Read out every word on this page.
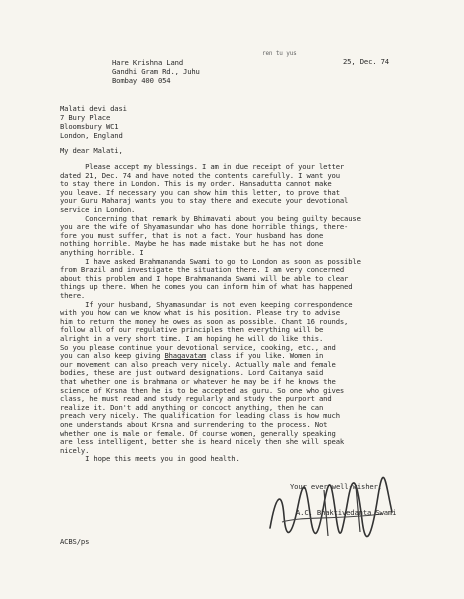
ren tu yus
Hare Krishna Land
Gandhi Gram Rd., Juhu
Bombay 400 054
25, Dec. 74
Malati devi dasi
7 Bury Place
Bloomsbury WC1
London, England
My dear Malati,
Please accept my blessings. I am in due receipt of your letter
dated 21, Dec. 74 and have noted the contents carefully. I want you
to stay there in London. This is my order. Hansadutta cannot make
you leave. If necessary you can show him this letter, to prove that
your Guru Maharaj wants you to stay there and execute your devotional
service in London.
Concerning that remark by Bhimavati about you being guilty because
you are the wife of Shyamasundar who has done horrible things, there-
fore you must suffer, that is not a fact. Your husband has done
nothing horrible. Maybe he has made mistake but he has not done
anything horrible. I
I have asked Brahmananda Swami to go to London as soon as possible
from Brazil and investigate the situation there. I am very concerned
about this problem and I hope Brahmananda Swami will be able to clear
things up there. When he comes you can inform him of what has happened
there.
If your husband, Shyamasundar is not even keeping correspondence
with you how can we know what is his position. Please try to advise
him to return the money he owes as soon as possible. Chant 16 rounds,
follow all of our regulative principles then everything will be
alright in a very short time. I am hoping he will do like this.
So you please continue your devotional service, cooking, etc., and
you can also keep giving Bhagavatam class if you like. Women in
our movement can also preach very nicely. Actually male and female
bodies, these are just outward designations. Lord Caitanya said
that whether one is brahmana or whatever he may be if he knows the
science of Krsna then he is to be accepted as guru. So one who gives
class, he must read and study regularly and study the purport and
realize it. Don't add anything or concoct anything, then he can
preach very nicely. The qualification for leading class is how much
one understands about Krsna and surrendering to the process. Not
whether one is male or female. Of course women, generally speaking
are less intelligent, better she is heard nicely then she will speak
nicely.
I hope this meets you in good health.
Your ever well-wisher,
A.C. Bhaktivedanta Swami
ACBS/ps
